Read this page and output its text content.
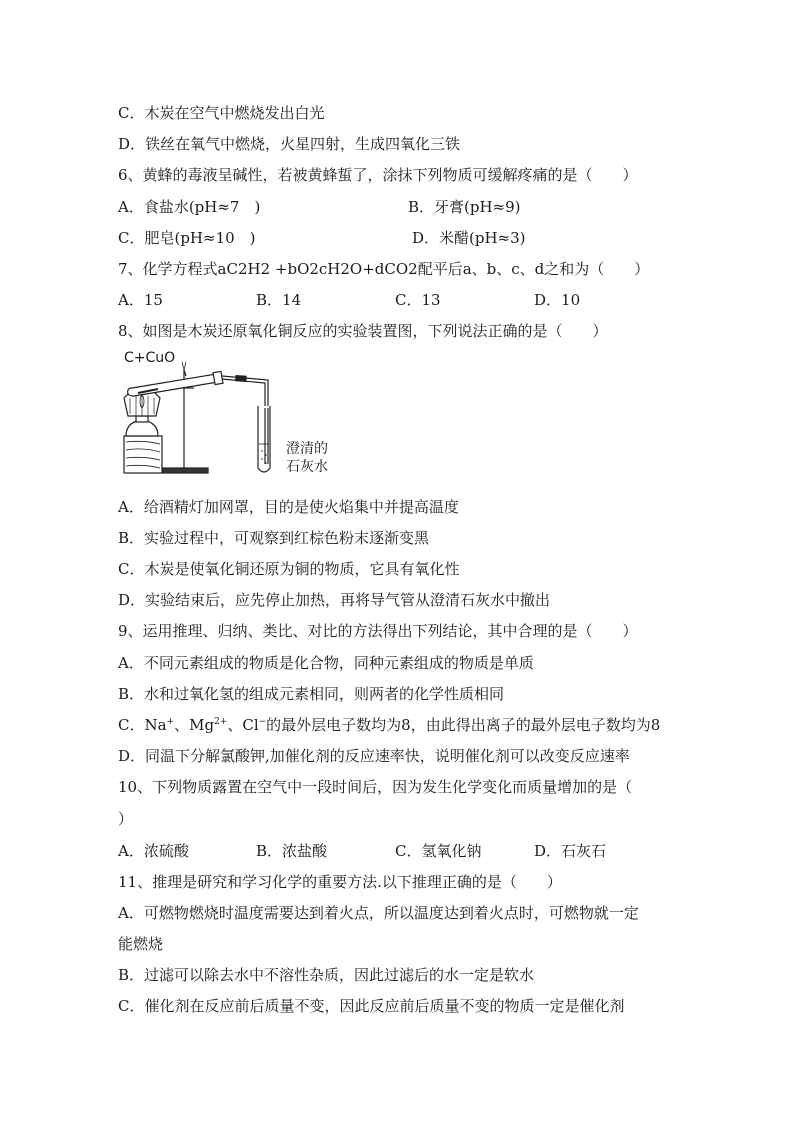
C．木炭在空气中燃烧发出白光
D．铁丝在氧气中燃烧，火星四射，生成四氧化三铁
6、黄蜂的毒液呈碱性，若被黄蜂蜇了，涂抹下列物质可缓解疼痛的是（　　）
A．食盐水(pH≈7　)	B．牙膏(pH≈9)
C．肥皂(pH≈10　)	D．米醋(pH≈3)
7、化学方程式aC2H2 +bO2cH2O+dCO2配平后a、b、c、d之和为（　　）
A．15	B．14	C．13	D．10
8、如图是木炭还原氧化铜反应的实验装置图，下列说法正确的是（　　）
C+CuO
澄清的
石灰水
A．给酒精灯加网罩，目的是使火焰集中并提高温度
B．实验过程中，可观察到红棕色粉末逐渐变黑
C．木炭是使氧化铜还原为铜的物质，它具有氧化性
D．实验结束后，应先停止加热，再将导气管从澄清石灰水中撤出
9、运用推理、归纳、类比、对比的方法得出下列结论，其中合理的是（　　）
A．不同元素组成的物质是化合物，同种元素组成的物质是单质
B．水和过氧化氢的组成元素相同，则两者的化学性质相同
C．Na+、$Mg^{2+}$、Cl−的最外层电子数均为8，由此得出离子的最外层电子数均为8
D．同温下分解氯酸钾,加催化剂的反应速率快，说明催化剂可以改变反应速率
10、下列物质露置在空气中一段时间后，因为发生化学变化而质量增加的是（
）
A．浓硫酸	B．浓盐酸	C．氢氧化钠	D．石灰石
11、推理是研究和学习化学的重要方法.以下推理正确的是（　　）
A．可燃物燃烧时温度需要达到着火点，所以温度达到着火点时，可燃物就一定
能燃烧
B．过滤可以除去水中不溶性杂质，因此过滤后的水一定是软水
C．催化剂在反应前后质量不变，因此反应前后质量不变的物质一定是催化剂
